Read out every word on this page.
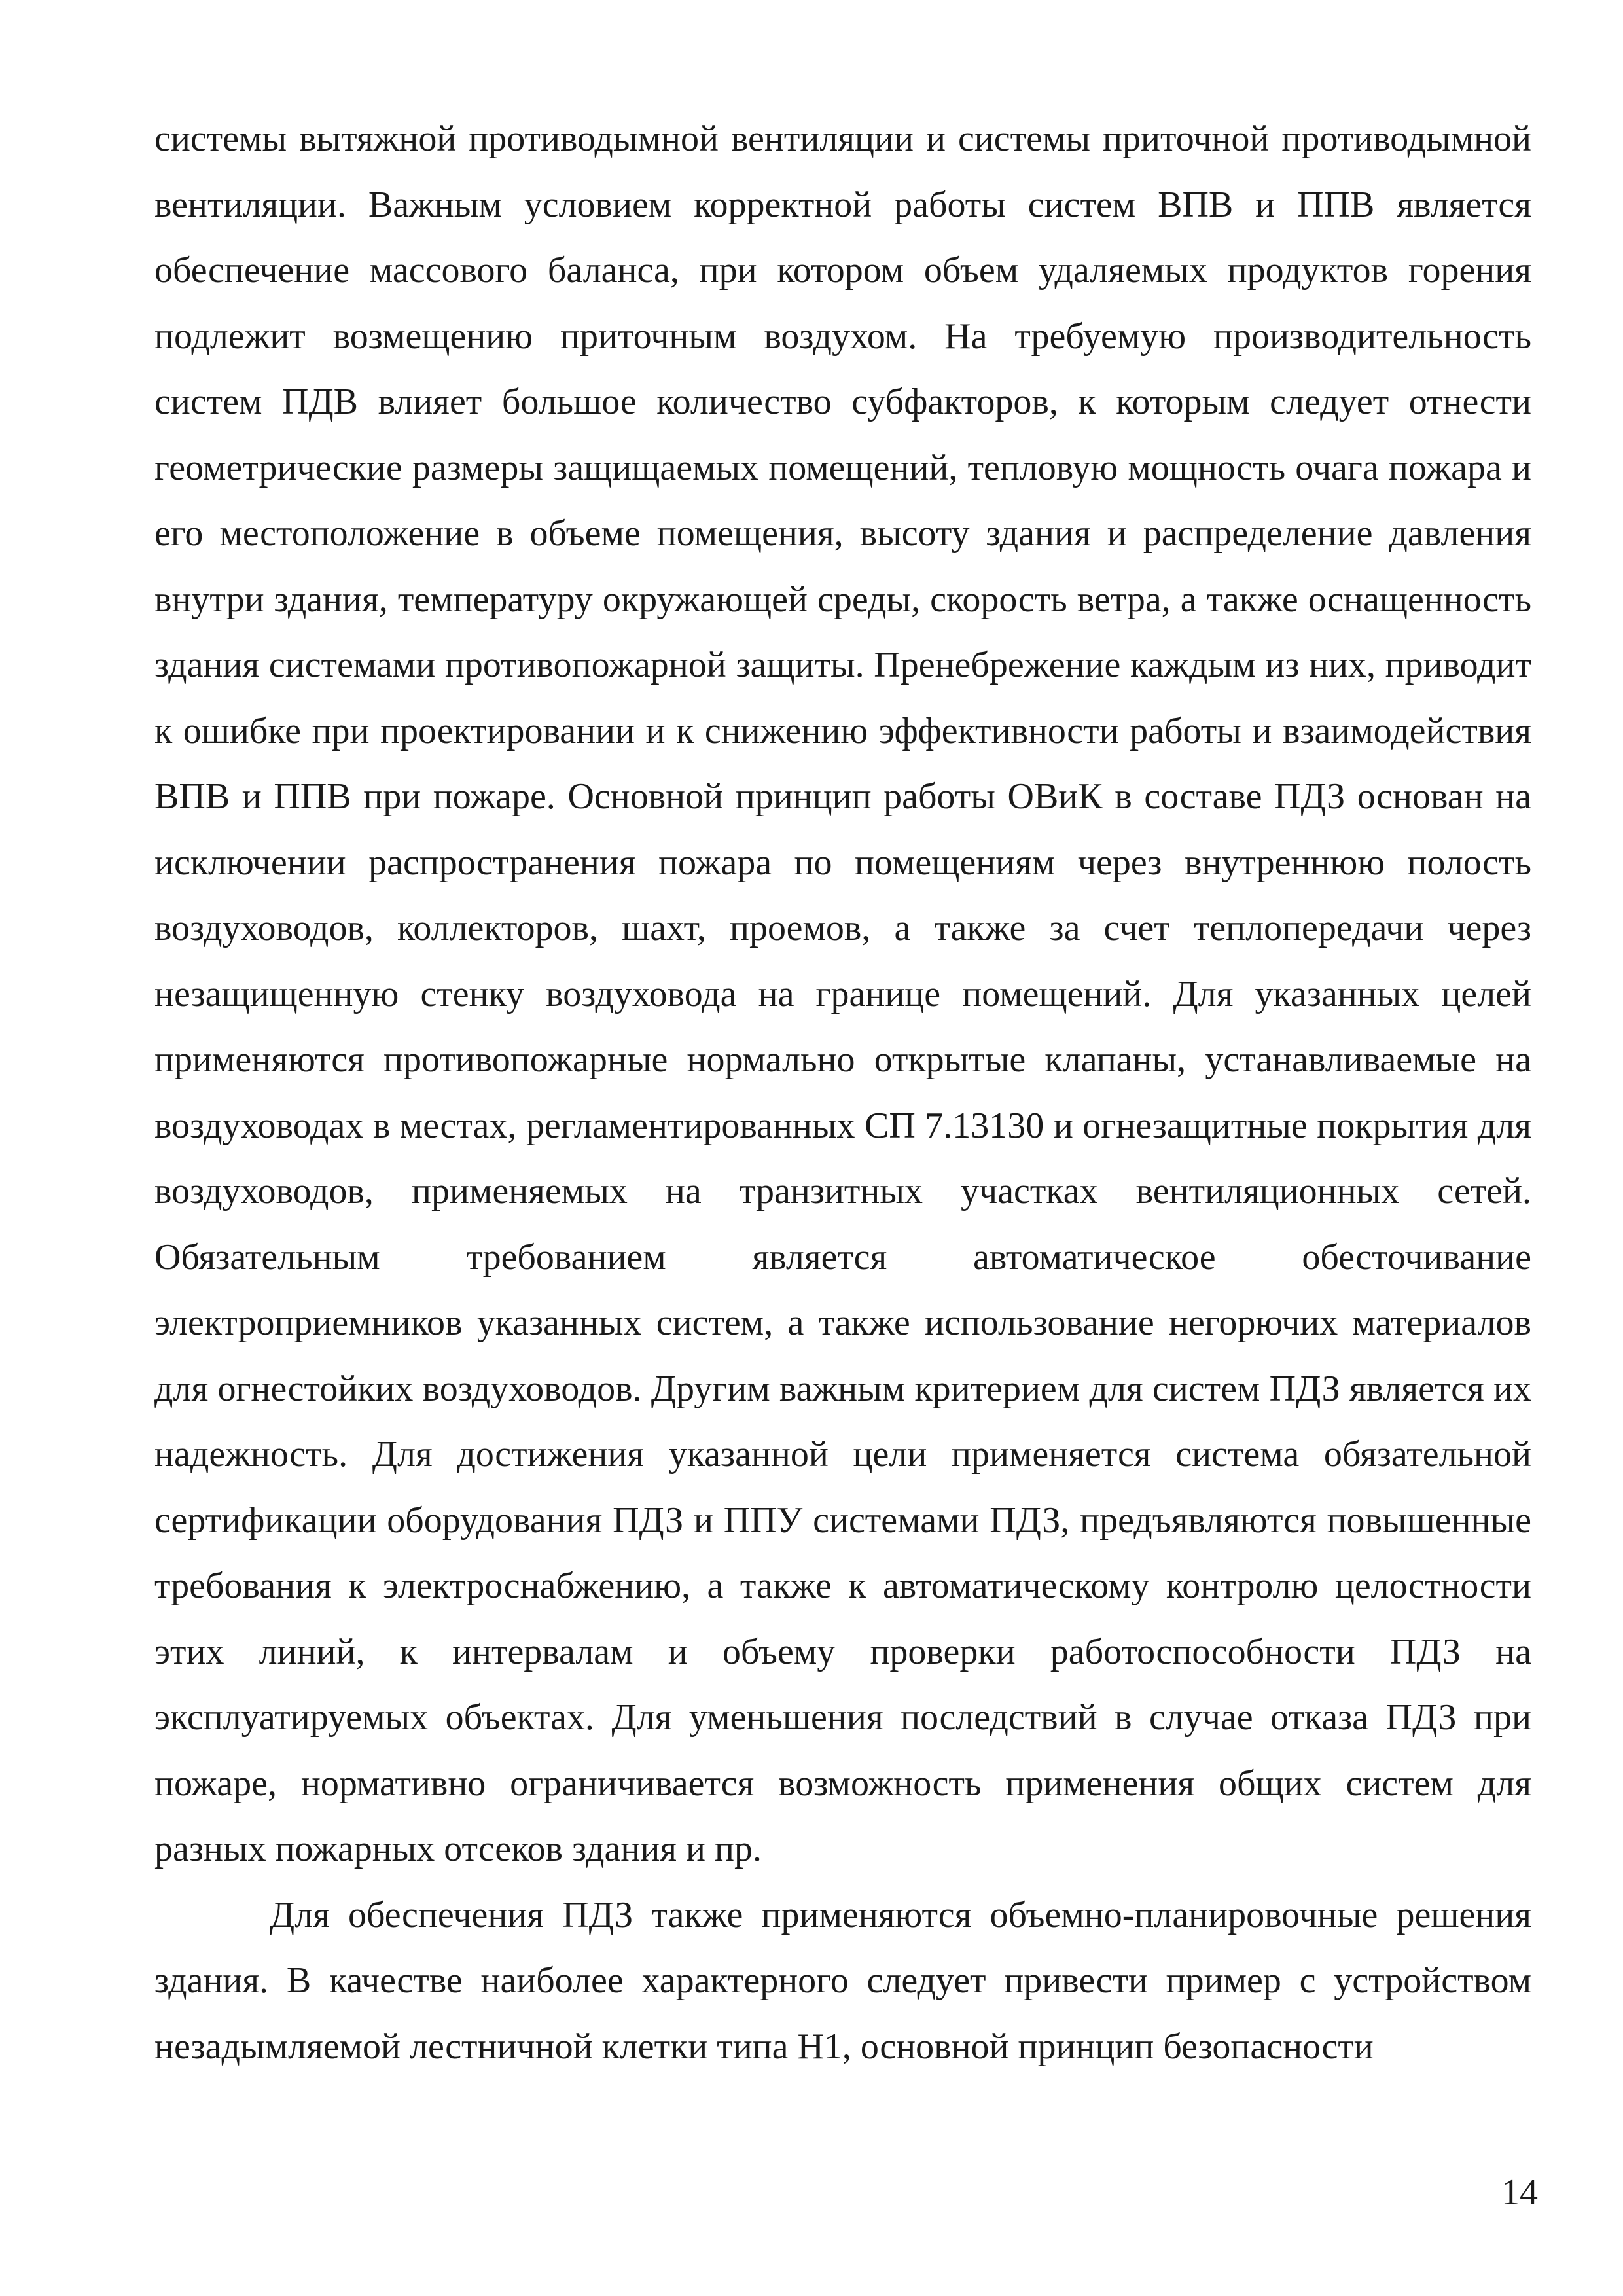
системы вытяжной противодымной вентиляции и системы приточной противодымной вентиляции. Важным условием корректной работы систем ВПВ и ППВ является обеспечение массового баланса, при котором объем удаляемых продуктов горения подлежит возмещению приточным воздухом. На требуемую производительность систем ПДВ влияет большое количество субфакторов, к которым следует отнести геометрические размеры защищаемых помещений, тепловую мощность очага пожара и его местоположение в объеме помещения, высоту здания и распределение давления внутри здания, температуру окружающей среды, скорость ветра, а также оснащенность здания системами противопожарной защиты. Пренебрежение каждым из них, приводит к ошибке при проектировании и к снижению эффективности работы и взаимодействия ВПВ и ППВ при пожаре. Основной принцип работы ОВиК в составе ПДЗ основан на исключении распространения пожара по помещениям через внутреннюю полость воздуховодов, коллекторов, шахт, проемов, а также за счет теплопередачи через незащищенную стенку воздуховода на границе помещений. Для указанных целей применяются противопожарные нормально открытые клапаны, устанавливаемые на воздуховодах в местах, регламентированных СП 7.13130 и огнезащитные покрытия для воздуховодов, применяемых на транзитных участках вентиляционных сетей. Обязательным требованием является автоматическое обесточивание электроприемников указанных систем, а также использование негорючих материалов для огнестойких воздуховодов. Другим важным критерием для систем ПДЗ является их надежность. Для достижения указанной цели применяется система обязательной сертификации оборудования ПДЗ и ППУ системами ПДЗ, предъявляются повышенные требования к электроснабжению, а также к автоматическому контролю целостности этих линий, к интервалам и объему проверки работоспособности ПДЗ на эксплуатируемых объектах. Для уменьшения последствий в случае отказа ПДЗ при пожаре, нормативно ограничивается возможность применения общих систем для разных пожарных отсеков здания и пр.

Для обеспечения ПДЗ также применяются объемно-планировочные решения здания. В качестве наиболее характерного следует привести пример с устройством незадымляемой лестничной клетки типа Н1, основной принцип безопасности

14
